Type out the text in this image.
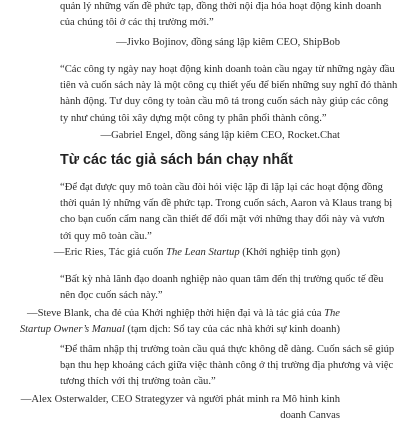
quản lý những vấn đề phức tạp, đồng thời nội địa hóa hoạt động kinh doanh
của chúng tôi ở các thị trường mới.”
—Jivko Bojinov, đồng sáng lập kiêm CEO, ShipBob
“Các công ty ngày nay hoạt động kinh doanh toàn cầu ngay từ những ngày đầu
tiên và cuốn sách này là một công cụ thiết yếu để biến những suy nghĩ đó thành
hành động. Tư duy công ty toàn cầu mô tả trong cuốn sách này giúp các công
ty như chúng tôi xây dựng một công ty phân phối thành công.”
—Gabriel Engel, đồng sáng lập kiêm CEO, Rocket.Chat
Từ các tác giả sách bán chạy nhất
“Để đạt được quy mô toàn cầu đòi hỏi việc lặp đi lặp lại các hoạt động đồng
thời quản lý những vấn đề phức tạp. Trong cuốn sách, Aaron và Klaus trang bị
cho bạn cuốn cẩm nang cần thiết để đối mặt với những thay đổi này và vươn
tới quy mô toàn cầu.”
—Eric Ries, Tác giả cuốn The Lean Startup (Khởi nghiệp tinh gọn)
“Bất kỳ nhà lãnh đạo doanh nghiệp nào quan tâm đến thị trường quốc tế đều
nên đọc cuốn sách này.”
—Steve Blank, cha đẻ của Khởi nghiệp thời hiện đại và là tác giả của The
Startup Owner’s Manual (tạm dịch: Sổ tay của các nhà khởi sự kinh doanh)
“Để thâm nhập thị trường toàn cầu quá thực không dễ dàng. Cuốn sách sẽ giúp
bạn thu hẹp khoảng cách giữa việc thành công ở thị trường địa phương và việc
tương thích với thị trường toàn cầu.”
—Alex Osterwalder, CEO Strategyzer và người phát minh ra Mô hình kinh
doanh Canvas
